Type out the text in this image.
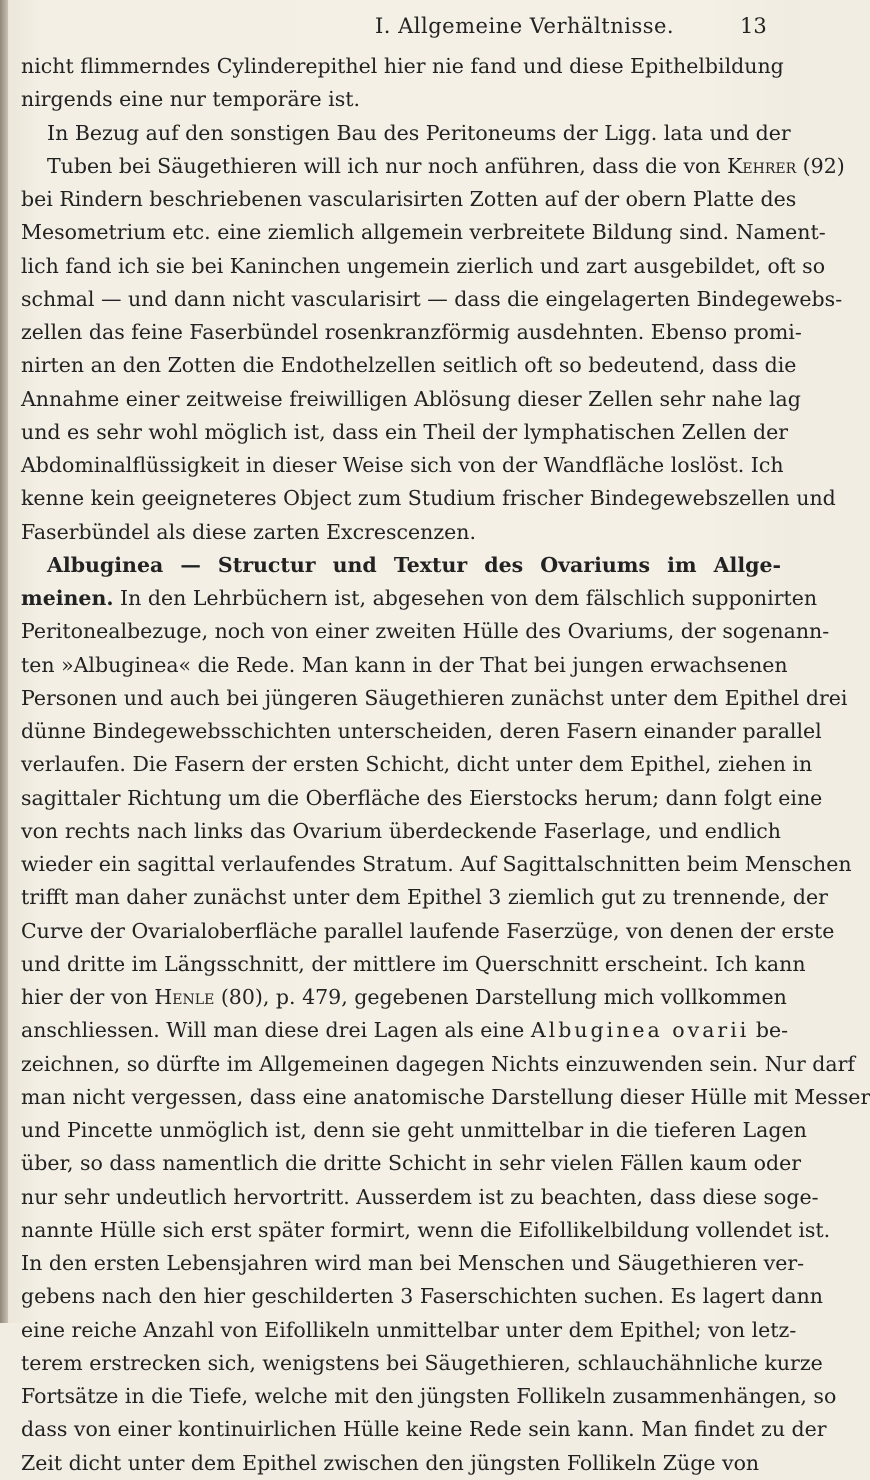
I. Allgemeine Verhältnisse.	13
nicht flimmerndes Cylinderepithel hier nie fand und diese Epithelbildung
nirgends eine nur temporäre ist.
In Bezug auf den sonstigen Bau des Peritoneums der Ligg. lata und der
Tuben bei Säugethieren will ich nur noch anführen, dass die von Kehrer (92)
bei Rindern beschriebenen vascularisirten Zotten auf der obern Platte des
Mesometrium etc. eine ziemlich allgemein verbreitete Bildung sind. Nament-
lich fand ich sie bei Kaninchen ungemein zierlich und zart ausgebildet, oft so
schmal — und dann nicht vascularisirt — dass die eingelagerten Bindegewebs-
zellen das feine Faserbündel rosenkranzförmig ausdehnten. Ebenso promi-
nirten an den Zotten die Endothelzellen seitlich oft so bedeutend, dass die
Annahme einer zeitweise freiwilligen Ablösung dieser Zellen sehr nahe lag
und es sehr wohl möglich ist, dass ein Theil der lymphatischen Zellen der
Abdominalflüssigkeit in dieser Weise sich von der Wandfläche loslöst. Ich
kenne kein geeigneteres Object zum Studium frischer Bindegewebszellen und
Faserbündel als diese zarten Excrescenzen.
Albuginea — Structur und Textur des Ovariums im Allge-
meinen. In den Lehrbüchern ist, abgesehen von dem fälschlich supponirten
Peritonealbezuge, noch von einer zweiten Hülle des Ovariums, der sogenann-
ten »Albuginea« die Rede. Man kann in der That bei jungen erwachsenen
Personen und auch bei jüngeren Säugethieren zunächst unter dem Epithel drei
dünne Bindegewebsschichten unterscheiden, deren Fasern einander parallel
verlaufen. Die Fasern der ersten Schicht, dicht unter dem Epithel, ziehen in
sagittaler Richtung um die Oberfläche des Eierstocks herum; dann folgt eine
von rechts nach links das Ovarium überdeckende Faserlage, und endlich
wieder ein sagittal verlaufendes Stratum. Auf Sagittalschnitten beim Menschen
trifft man daher zunächst unter dem Epithel 3 ziemlich gut zu trennende, der
Curve der Ovarialoberfläche parallel laufende Faserzüge, von denen der erste
und dritte im Längsschnitt, der mittlere im Querschnitt erscheint. Ich kann
hier der von Henle (80), p. 479, gegebenen Darstellung mich vollkommen
anschliessen. Will man diese drei Lagen als eine Albuginea ovarii be-
zeichnen, so dürfte im Allgemeinen dagegen Nichts einzuwenden sein. Nur darf
man nicht vergessen, dass eine anatomische Darstellung dieser Hülle mit Messer
und Pincette unmöglich ist, denn sie geht unmittelbar in die tieferen Lagen
über, so dass namentlich die dritte Schicht in sehr vielen Fällen kaum oder
nur sehr undeutlich hervortritt. Ausserdem ist zu beachten, dass diese soge-
nannte Hülle sich erst später formirt, wenn die Eifollikelbildung vollendet ist.
In den ersten Lebensjahren wird man bei Menschen und Säugethieren ver-
gebens nach den hier geschilderten 3 Faserschichten suchen. Es lagert dann
eine reiche Anzahl von Eifollikeln unmittelbar unter dem Epithel; von letz-
terem erstrecken sich, wenigstens bei Säugethieren, schlauchähnliche kurze
Fortsätze in die Tiefe, welche mit den jüngsten Follikeln zusammenhängen, so
dass von einer kontinuirlichen Hülle keine Rede sein kann. Man findet zu der
Zeit dicht unter dem Epithel zwischen den jüngsten Follikeln Züge von
